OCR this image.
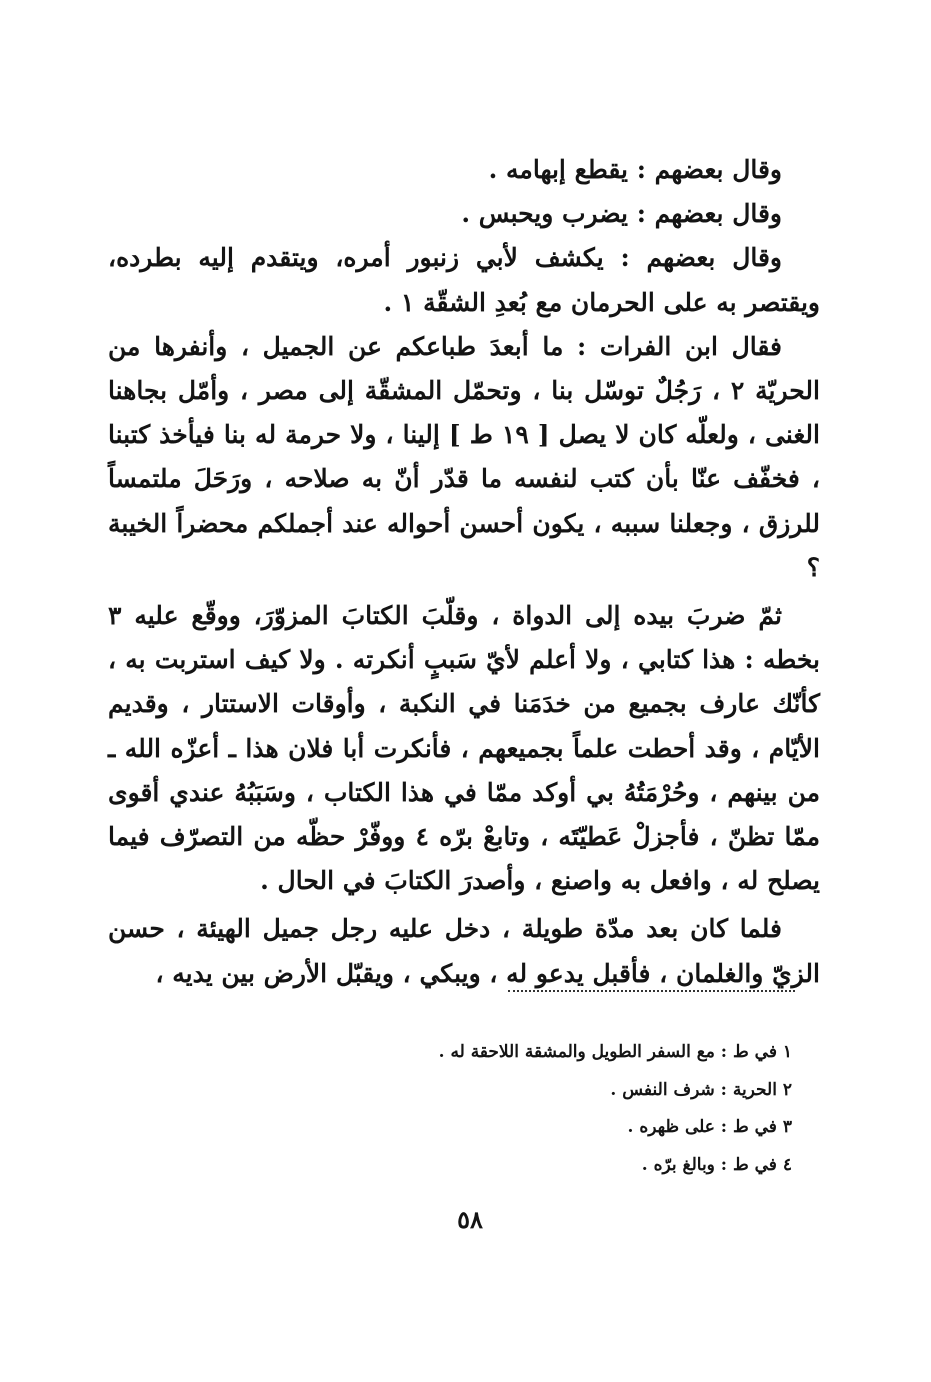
وقال بعضهم : يقطع إبهامه .

وقال بعضهم : يضرب ويحبس .

وقال بعضهم : يكشف لأبي زنبور أمره، ويتقدم إليه بطرده، ويقتصر به على الحرمان مع بُعدِ الشقّة ١ .

فقال ابن الفرات : ما أبعدَ طباعكم عن الجميل ، وأنفرها من الحريّة ٢ ، رَجُلٌ توسّل بنا ، وتحمّل المشقّة إلى مصر ، وأمّل بجاهنا الغنى ، ولعلّه كان لا يصل [ ١٩ ط ] إلينا ، ولا حرمة له بنا فيأخذ كتبنا ، فخفّف عنّا بأن كتب لنفسه ما قدّر أنّ به صلاحه ، ورَحَلَ ملتمساً للرزق ، وجعلنا سببه ، يكون أحسن أحواله عند أجملكم محضراً الخيبة ؟

ثمّ ضربَ بيده إلى الدواة ، وقلّبَ الكتابَ المزوّرَ، ووقّع عليه ٣ بخطه : هذا كتابي ، ولا أعلم لأيّ سَببٍ أنكرته . ولا كيف استربت به ، كأنّك عارف بجميع من خدَمَنا في النكبة ، وأوقات الاستتار ، وقديم الأيّام ، وقد أحطت علماً بجميعهم ، فأنكرت أبا فلان هذا ـ أعزّه الله ـ من بينهم ، وحُرْمَتُهُ بي أوكد ممّا في هذا الكتاب ، وسَبَبُهُ عندي أقوى ممّا تظنّ ، فأجزلْ عَطيّتَه ، وتابعْ برّه ٤ ووفّرْ حظّه من التصرّف فيما يصلح له ، وافعل به واصنع ، وأصدرَ الكتابَ في الحال .

فلما كان بعد مدّة طويلة ، دخل عليه رجل جميل الهيئة ، حسن الزيّ والغلمان ، فأقبل يدعو له ، ويبكي ، ويقبّل الأرض بين يديه ،

١ في ط : مع السفر الطويل والمشقة اللاحقة له .

٢ الحرية : شرف النفس .

٣ في ط : على ظهره .

٤ في ط : وبالغ برّه .

٥٨
